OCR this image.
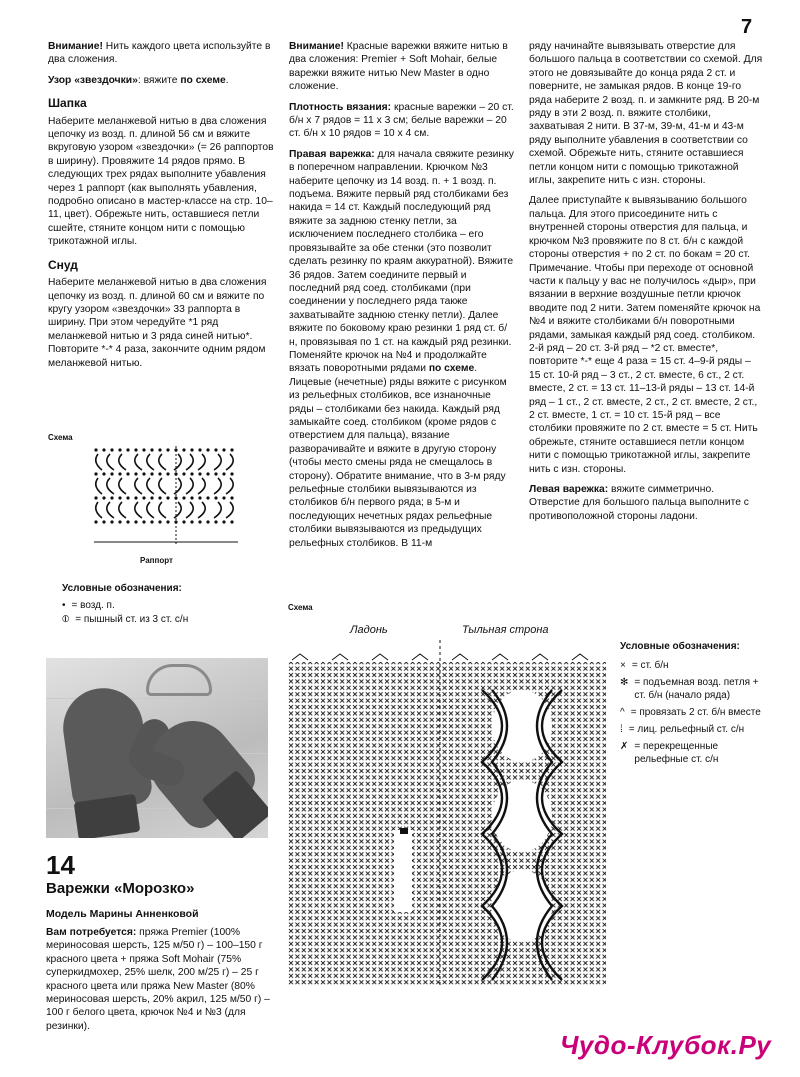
7

Внимание! Нить каждого цвета используйте в два сложения.

Узор «звездочки»: вяжите по схеме.

Шапка

Наберите меланжевой нитью в два сложения цепочку из возд. п. длиной 56 см и вяжите вкруговую узором «звездочки» (= 26 раппортов в ширину). Провяжите 14 рядов прямо. В следующих трех рядах выполните убавления через 1 раппорт (как выполнять убавления, подробно описано в мастер-классе на стр. 10–11, цвет). Обрежьте нить, оставшиеся петли сшейте, стяните концом нити с помощью трикотажной иглы.

Снуд

Наберите меланжевой нитью в два сложения цепочку из возд. п. длиной 60 см и вяжите по кругу узором «звездочки» 33 раппорта в ширину. При этом чередуйте *1 ряд меланжевой нитью и 3 ряда синей нитью*. Повторите *-* 4 раза, закончите одним рядом меланжевой нитью.

Схема
Раппорт
Условные обозначения:
• = возд. п.
⦶ = пышный ст. из 3 ст. с/н
14
Варежки «Морозко»
Модель Марины Анненковой
Вам потребуется: пряжа Premier (100% мериносовая шерсть, 125 м/50 г) – 100–150 г красного цвета + пряжа Soft Mohair (75% суперкидмохер, 25% шелк, 200 м/25 г) – 25 г красного цвета или пряжа New Master (80% мериносовая шерсть, 20% акрил, 125 м/50 г) – 100 г белого цвета, крючок №4 и №3 (для резинки).

Внимание! Красные варежки вяжите нитью в два сложения: Premier + Soft Mohair, белые варежки вяжите нитью New Master в одно сложение.

Плотность вязания: красные варежки – 20 ст. б/н х 7 рядов = 11 х 3 см; белые варежки – 20 ст. б/н х 10 рядов = 10 х 4 см.

Правая варежка: для начала свяжите резинку в поперечном направлении. Крючком №3 наберите цепочку из 14 возд. п. + 1 возд. п. подъема. Вяжите первый ряд столбиками без накида = 14 ст. Каждый последующий ряд вяжите за заднюю стенку петли, за исключением последнего столбика – его провязывайте за обе стенки (это позволит сделать резинку по краям аккуратной). Вяжите 36 рядов. Затем соедините первый и последний ряд соед. столбиками (при соединении у последнего ряда также захватывайте заднюю стенку петли). Далее вяжите по боковому краю резинки 1 ряд ст. б/н, провязывая по 1 ст. на каждый ряд резинки. Поменяйте крючок на №4 и продолжайте вязать поворотными рядами по схеме. Лицевые (нечетные) ряды вяжите с рисунком из рельефных столбиков, все изнаночные ряды – столбиками без накида. Каждый ряд замыкайте соед. столбиком (кроме рядов с отверстием для пальца), вязание разворачивайте и вяжите в другую сторону (чтобы место смены ряда не смещалось в сторону). Обратите внимание, что в 3-м ряду рельефные столбики вывязываются из столбиков б/н первого ряда; в 5-м и последующих нечетных рядах рельефные столбики вывязываются из предыдущих рельефных столбиков. В 11-м

ряду начинайте вывязывать отверстие для большого пальца в соответствии со схемой. Для этого не довязывайте до конца ряда 2 ст. и поверните, не замыкая рядов. В конце 19-го ряда наберите 2 возд. п. и замкните ряд. В 20-м ряду в эти 2 возд. п. вяжите столбики, захватывая 2 нити. В 37-м, 39-м, 41-м и 43-м ряду выполните убавления в соответствии со схемой. Обрежьте нить, стяните оставшиеся петли концом нити с помощью трикотажной иглы, закрепите нить с изн. стороны.

Далее приступайте к вывязыванию большого пальца. Для этого присоедините нить с внутренней стороны отверстия для пальца, и крючком №3 провяжите по 8 ст. б/н с каждой стороны отверстия + по 2 ст. по бокам = 20 ст. Примечание. Чтобы при переходе от основной части к пальцу у вас не получилось «дыр», при вязании в верхние воздушные петли крючок вводите под 2 нити. Затем поменяйте крючок на №4 и вяжите столбиками б/н поворотными рядами, замыкая каждый ряд соед. столбиком. 2-й ряд – 20 ст. 3-й ряд – *2 ст. вместе*, повторите *-* еще 4 раза = 15 ст. 4–9-й ряды – 15 ст. 10-й ряд – 3 ст., 2 ст. вместе, 6 ст., 2 ст. вместе, 2 ст. = 13 ст. 11–13-й ряды – 13 ст. 14-й ряд – 1 ст., 2 ст. вместе, 2 ст., 2 ст. вместе, 2 ст., 2 ст. вместе, 1 ст. = 10 ст. 15-й ряд – все столбики провяжите по 2 ст. вместе = 5 ст. Нить обрежьте, стяните оставшиеся петли концом нити с помощью трикотажной иглы, закрепите нить с изн. стороны.

Левая варежка: вяжите симметрично. Отверстие для большого пальца выполните с противоположной стороны ладони.

Схема
Ладонь	Тыльная строна
Условные обозначения:
× = ст. б/н
✻ = подъемная возд. петля + ст. б/н (начало ряда)
^ = провязать 2 ст. б/н вместе
⁞ = лиц. рельефный ст. с/н
✗ = перекрещенные рельефные ст. с/н
Чудо-Клубок.Ру
